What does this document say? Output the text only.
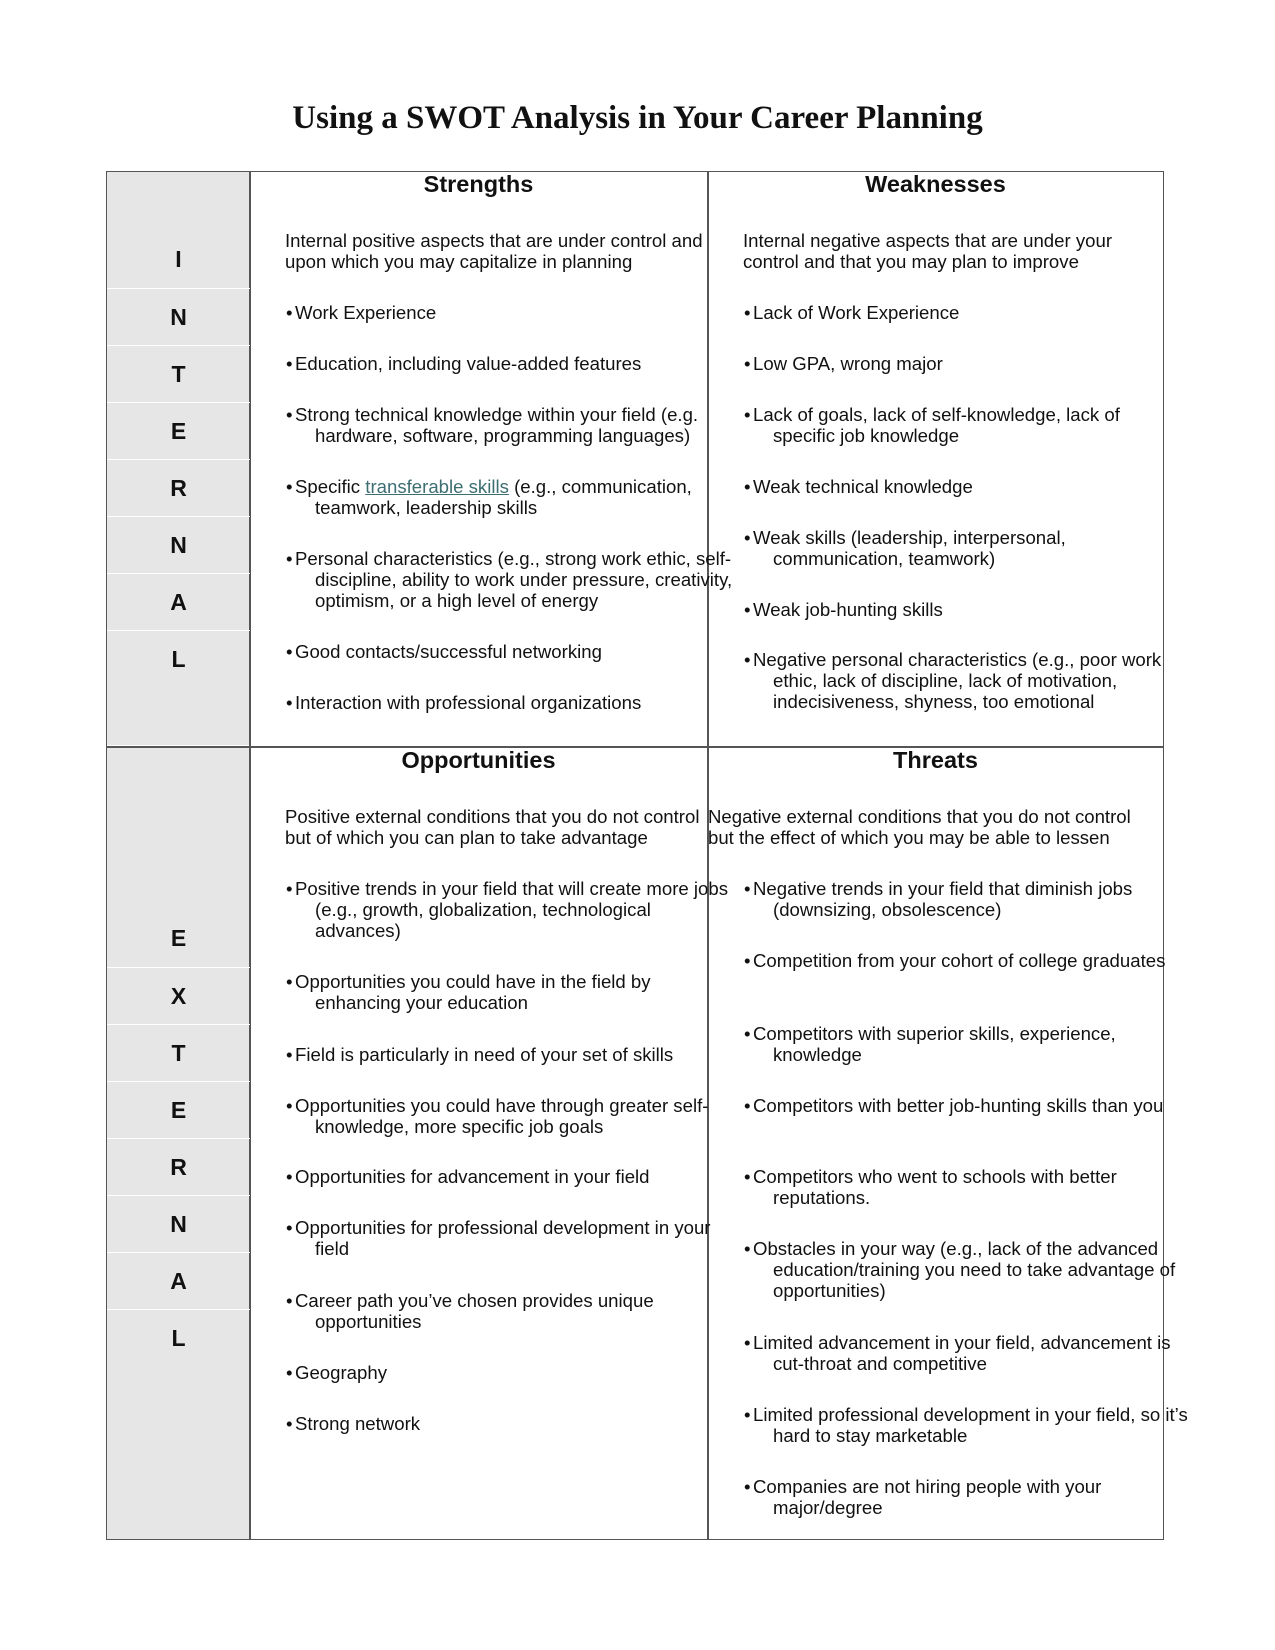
Using a SWOT Analysis in Your Career Planning
I
N
T
E
R
N
A
L
E
X
T
E
R
N
A
L
Strengths
Internal positive aspects that are under control and
upon which you may capitalize in planning
• Work Experience
• Education, including value-added features
• Strong technical knowledge within your field (e.g. hardware, software, programming languages)
• Specific transferable skills (e.g., communication, teamwork, leadership skills
• Personal characteristics (e.g., strong work ethic, self-discipline, ability to work under pressure, creativity, optimism, or a high level of energy
• Good contacts/successful networking
• Interaction with professional organizations
Weaknesses
Internal negative aspects that are under your
control and that you may plan to improve
• Lack of Work Experience
• Low GPA, wrong major
• Lack of goals, lack of self-knowledge, lack of specific job knowledge
• Weak technical knowledge
• Weak skills (leadership, interpersonal, communication, teamwork)
• Weak job-hunting skills
• Negative personal characteristics (e.g., poor work ethic, lack of discipline, lack of motivation, indecisiveness, shyness, too emotional
Opportunities
Positive external conditions that you do not control
but of which you can plan to take advantage
• Positive trends in your field that will create more jobs (e.g., growth, globalization, technological advances)
• Opportunities you could have in the field by enhancing your education
• Field is particularly in need of your set of skills
• Opportunities you could have through greater self-knowledge, more specific job goals
• Opportunities for advancement in your field
• Opportunities for professional development in your field
• Career path you’ve chosen provides unique opportunities
• Geography
• Strong network
Threats
Negative external conditions that you do not control
but the effect of which you may be able to lessen
• Negative trends in your field that diminish jobs (downsizing, obsolescence)
• Competition from your cohort of college graduates
• Competitors with superior skills, experience, knowledge
• Competitors with better job-hunting skills than you
• Competitors who went to schools with better reputations.
• Obstacles in your way (e.g., lack of the advanced education/training you need to take advantage of opportunities)
• Limited advancement in your field, advancement is cut-throat and competitive
• Limited professional development in your field, so it’s hard to stay marketable
• Companies are not hiring people with your major/degree
